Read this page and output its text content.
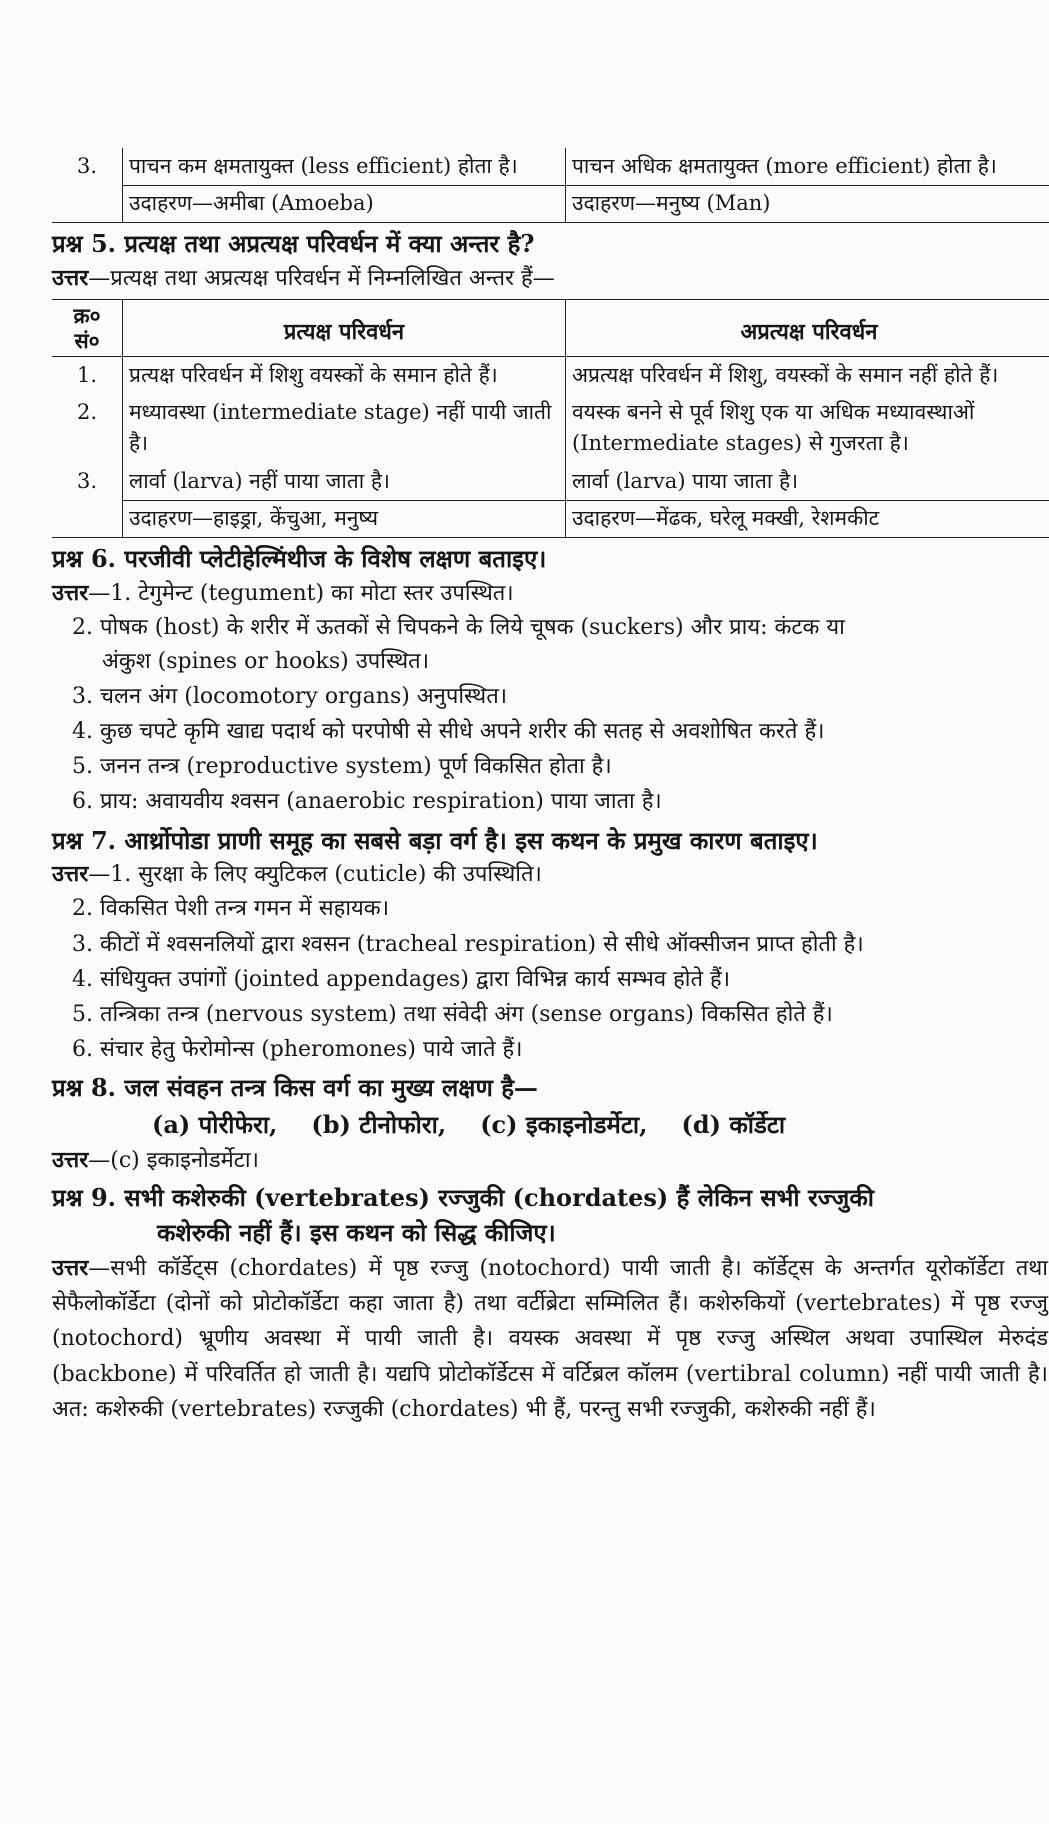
3.	पाचन कम क्षमतायुक्त (less efficient) होता है।	पाचन अधिक क्षमतायुक्त (more efficient) होता है।
	उदाहरण—अमीबा (Amoeba)	उदाहरण—मनुष्य (Man)

प्रश्न 5. प्रत्यक्ष तथा अप्रत्यक्ष परिवर्धन में क्या अन्तर है?

उत्तर—प्रत्यक्ष तथा अप्रत्यक्ष परिवर्धन में निम्नलिखित अन्तर हैं—

क्र० सं०	प्रत्यक्ष परिवर्धन	अप्रत्यक्ष परिवर्धन
1.	प्रत्यक्ष परिवर्धन में शिशु वयस्कों के समान होते हैं।	अप्रत्यक्ष परिवर्धन में शिशु, वयस्कों के समान नहीं होते हैं।
2.	मध्यावस्था (intermediate stage) नहीं पायी जाती है।	वयस्क बनने से पूर्व शिशु एक या अधिक मध्यावस्थाओं (Intermediate stages) से गुजरता है।
3.	लार्वा (larva) नहीं पाया जाता है।	लार्वा (larva) पाया जाता है।
	उदाहरण—हाइड्रा, केंचुआ, मनुष्य	उदाहरण—मेंढक, घरेलू मक्खी, रेशमकीट

प्रश्न 6. परजीवी प्लेटीहेल्मिंथीज के विशेष लक्षण बताइए।

उत्तर—1. टेगुमेन्ट (tegument) का मोटा स्तर उपस्थित।

2. पोषक (host) के शरीर में ऊतकों से चिपकने के लिये चूषक (suckers) और प्राय: कंटक या

अंकुश (spines or hooks) उपस्थित।

3. चलन अंग (locomotory organs) अनुपस्थित।

4. कुछ चपटे कृमि खाद्य पदार्थ को परपोषी से सीधे अपने शरीर की सतह से अवशोषित करते हैं।

5. जनन तन्त्र (reproductive system) पूर्ण विकसित होता है।

6. प्राय: अवायवीय श्वसन (anaerobic respiration) पाया जाता है।

प्रश्न 7. आर्थ्रोपोडा प्राणी समूह का सबसे बड़ा वर्ग है। इस कथन के प्रमुख कारण बताइए।

उत्तर—1. सुरक्षा के लिए क्युटिकल (cuticle) की उपस्थिति।

2. विकसित पेशी तन्त्र गमन में सहायक।

3. कीटों में श्वसनलियों द्वारा श्वसन (tracheal respiration) से सीधे ऑक्सीजन प्राप्त होती है।

4. संधियुक्त उपांगों (jointed appendages) द्वारा विभिन्न कार्य सम्भव होते हैं।

5. तन्त्रिका तन्त्र (nervous system) तथा संवेदी अंग (sense organs) विकसित होते हैं।

6. संचार हेतु फेरोमोन्स (pheromones) पाये जाते हैं।

प्रश्न 8. जल संवहन तन्त्र किस वर्ग का मुख्य लक्षण है—

(a) पोरीफेरा, (b) टीनोफोरा, (c) इकाइनोडर्मेटा, (d) कॉर्डेटा

उत्तर—(c) इकाइनोडर्मेटा।

प्रश्न 9. सभी कशेरुकी (vertebrates) रज्जुकी (chordates) हैं लेकिन सभी रज्जुकी

कशेरुकी नहीं हैं। इस कथन को सिद्ध कीजिए।

उत्तर—सभी कॉर्डेट्स (chordates) में पृष्ठ रज्जु (notochord) पायी जाती है। कॉर्डेट्स के अन्तर्गत यूरोकॉर्डेटा तथा सेफैलोकॉर्डेटा (दोनों को प्रोटोकॉर्डेटा कहा जाता है) तथा वर्टीब्रेटा सम्मिलित हैं। कशेरुकियों (vertebrates) में पृष्ठ रज्जु (notochord) भ्रूणीय अवस्था में पायी जाती है। वयस्क अवस्था में पृष्ठ रज्जु अस्थिल अथवा उपास्थिल मेरुदंड (backbone) में परिवर्तित हो जाती है। यद्यपि प्रोटोकॉर्डेटस में वर्टिब्रल कॉलम (vertibral column) नहीं पायी जाती है। अत: कशेरुकी (vertebrates) रज्जुकी (chordates) भी हैं, परन्तु सभी रज्जुकी, कशेरुकी नहीं हैं।
